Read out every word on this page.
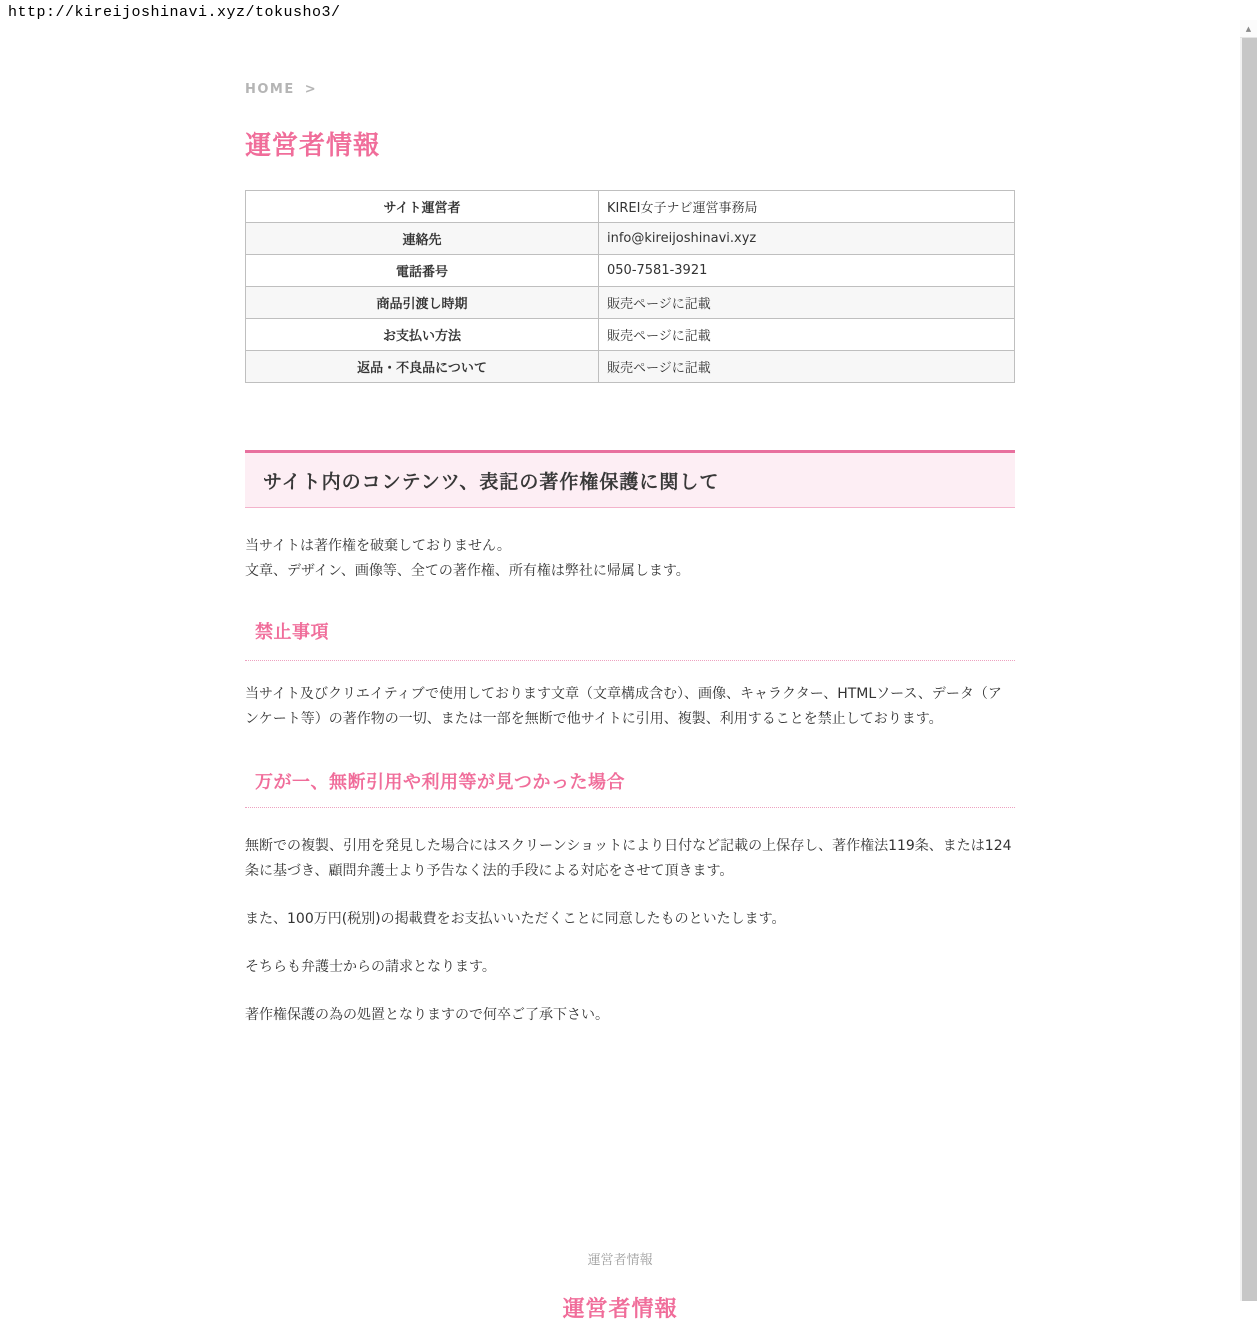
http://kireijoshinavi.xyz/tokusho3/
▲
HOME >
運営者情報
サイト運営者	KIREI女子ナビ運営事務局
連絡先	info@kireijoshinavi.xyz
電話番号	050-7581-3921
商品引渡し時期	販売ページに記載
お支払い方法	販売ページに記載
返品・不良品について	販売ページに記載
サイト内のコンテンツ、表記の著作権保護に関して

当サイトは著作権を破棄しておりません。
文章、デザイン、画像等、全ての著作権、所有権は弊社に帰属します。

禁止事項

当サイト及びクリエイティブで使用しております文章（文章構成含む）、画像、キャラクター、HTMLソース、データ（アンケート等）の著作物の一切、または一部を無断で他サイトに引用、複製、利用することを禁止しております。

万が一、無断引用や利用等が見つかった場合

無断での複製、引用を発見した場合にはスクリーンショットにより日付など記載の上保存し、著作権法119条、または124条に基づき、顧問弁護士より予告なく法的手段による対応をさせて頂きます。

また、100万円(税別)の掲載費をお支払いいただくことに同意したものといたします。

そちらも弁護士からの請求となります。

著作権保護の為の処置となりますので何卒ご了承下さい。

運営者情報
運営者情報
